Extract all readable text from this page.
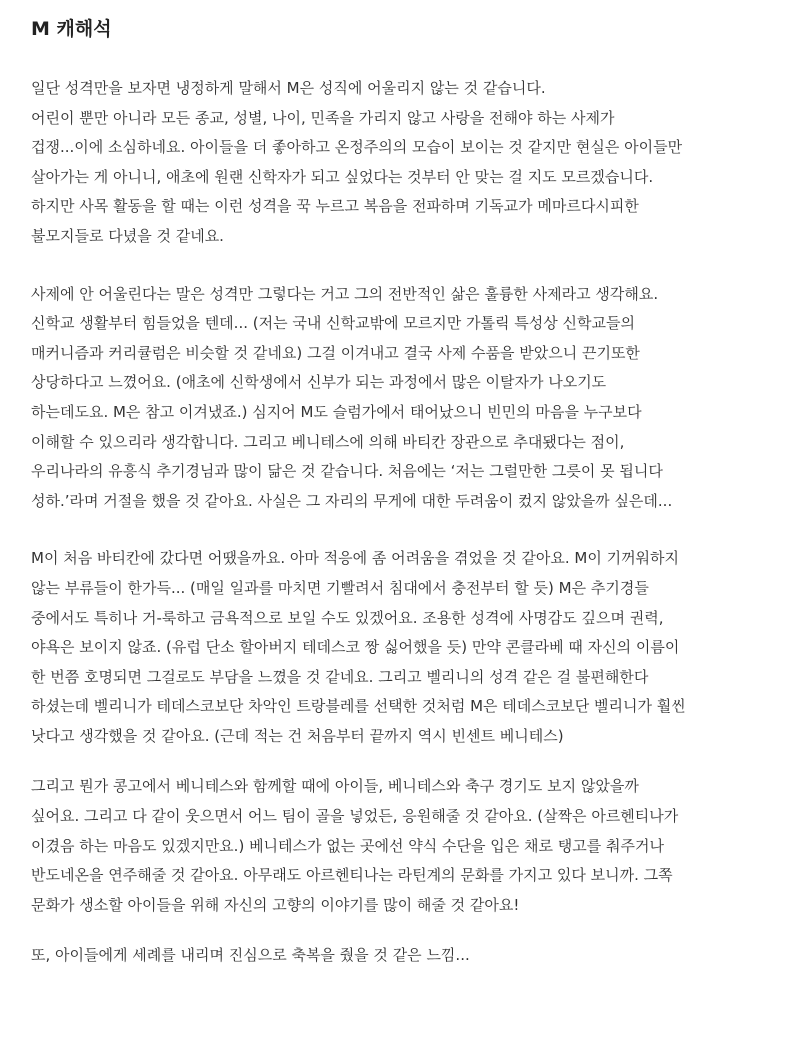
M 캐해석
일단 성격만을 보자면 냉정하게 말해서 M은 성직에 어울리지 않는 것 같습니다.
어린이 뿐만 아니라 모든 종교, 성별, 나이, 민족을 가리지 않고 사랑을 전해야 하는 사제가
겁쟁...이에 소심하네요. 아이들을 더 좋아하고 온정주의의 모습이 보이는 것 같지만 현실은 아이들만
살아가는 게 아니니, 애초에 원랜 신학자가 되고 싶었다는 것부터 안 맞는 걸 지도 모르겠습니다.
하지만 사목 활동을 할 때는 이런 성격을 꾹 누르고 복음을 전파하며 기독교가 메마르다시피한
불모지들로 다녔을 것 같네요.
사제에 안 어울린다는 말은 성격만 그렇다는 거고 그의 전반적인 삶은 훌륭한 사제라고 생각해요.
신학교 생활부터 힘들었을 텐데... (저는 국내 신학교밖에 모르지만 가톨릭 특성상 신학교들의
매커니즘과 커리큘럼은 비슷할 것 같네요) 그걸 이겨내고 결국 사제 수품을 받았으니 끈기또한
상당하다고 느꼈어요. (애초에 신학생에서 신부가 되는 과정에서 많은 이탈자가 나오기도
하는데도요. M은 참고 이겨냈죠.) 심지어 M도 슬럼가에서 태어났으니 빈민의 마음을 누구보다
이해할 수 있으리라 생각합니다. 그리고 베니테스에 의해 바티칸 장관으로 추대됐다는 점이,
우리나라의 유흥식 추기경님과 많이 닮은 것 같습니다. 처음에는 ‘저는 그럴만한 그릇이 못 됩니다
성하.’라며 거절을 했을 것 같아요. 사실은 그 자리의 무게에 대한 두려움이 컸지 않았을까 싶은데...
M이 처음 바티칸에 갔다면 어땠을까요. 아마 적응에 좀 어려움을 겪었을 것 같아요. M이 기꺼워하지
않는 부류들이 한가득... (매일 일과를 마치면 기빨려서 침대에서 충전부터 할 듯) M은 추기경들
중에서도 특히나 거-룩하고 금욕적으로 보일 수도 있겠어요. 조용한 성격에 사명감도 깊으며 권력,
야욕은 보이지 않죠. (유럽 단소 할아버지 테데스코 짱 싫어했을 듯) 만약 콘클라베 때 자신의 이름이
한 번쯤 호명되면 그걸로도 부담을 느꼈을 것 같네요. 그리고 벨리니의 성격 같은 걸 불편해한다
하셨는데 벨리니가 테데스코보단 차악인 트랑블레를 선택한 것처럼 M은 테데스코보단 벨리니가 훨씬
낫다고 생각했을 것 같아요. (근데 적는 건 처음부터 끝까지 역시 빈센트 베니테스)
그리고 뭔가 콩고에서 베니테스와 함께할 때에 아이들, 베니테스와 축구 경기도 보지 않았을까
싶어요. 그리고 다 같이 웃으면서 어느 팀이 골을 넣었든, 응원해줄 것 같아요. (살짝은 아르헨티나가
이겼음 하는 마음도 있겠지만요.) 베니테스가 없는 곳에선 약식 수단을 입은 채로 탱고를 춰주거나
반도네온을 연주해줄 것 같아요. 아무래도 아르헨티나는 라틴계의 문화를 가지고 있다 보니까. 그쪽
문화가 생소할 아이들을 위해 자신의 고향의 이야기를 많이 해줄 것 같아요!
또, 아이들에게 세례를 내리며 진심으로 축복을 줬을 것 같은 느낌...
